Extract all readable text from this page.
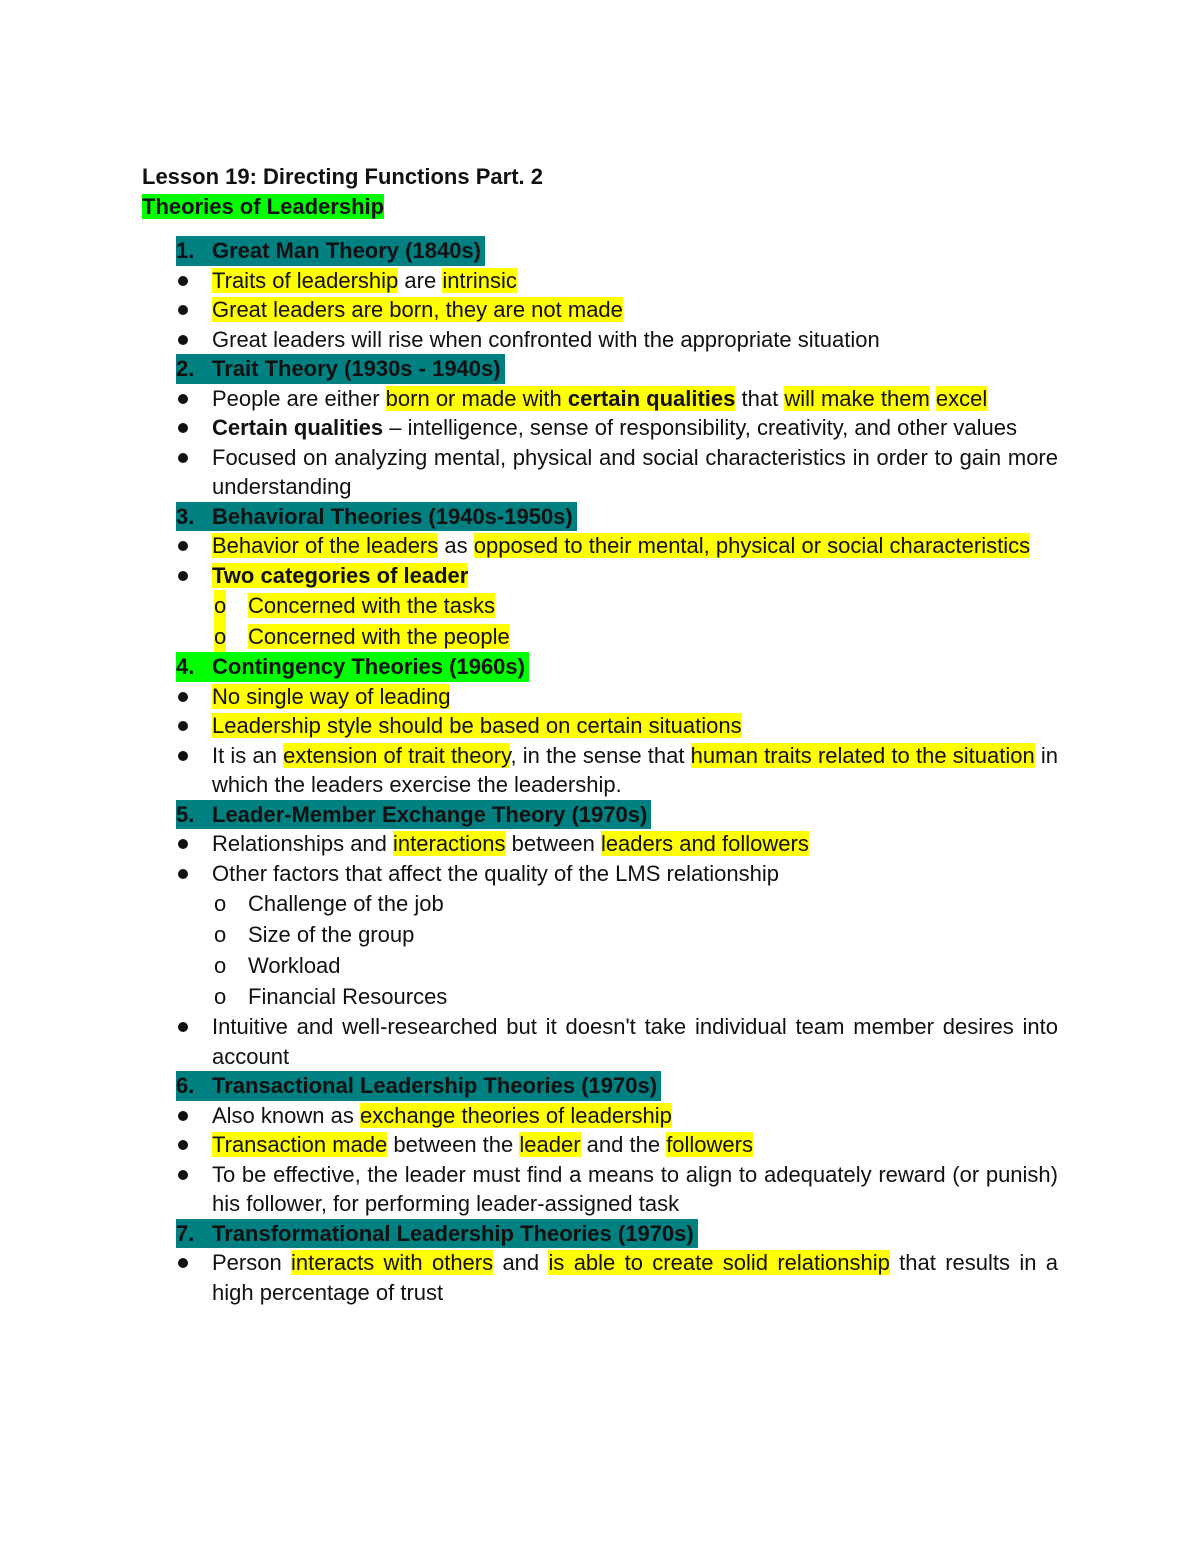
Lesson 19: Directing Functions Part. 2

Theories of Leadership

1. Great Man Theory (1840s)

Traits of leadership are intrinsic

Great leaders are born, they are not made

Great leaders will rise when confronted with the appropriate situation

2. Trait Theory (1930s - 1940s)

People are either born or made with certain qualities that will make them excel

Certain qualities – intelligence, sense of responsibility, creativity, and other values

Focused on analyzing mental, physical and social characteristics in order to gain more understanding

3. Behavioral Theories (1940s-1950s)

Behavior of the leaders as opposed to their mental, physical or social characteristics

Two categories of leader

o Concerned with the tasks

o Concerned with the people

4. Contingency Theories (1960s)

No single way of leading

Leadership style should be based on certain situations

It is an extension of trait theory, in the sense that human traits related to the situation in which the leaders exercise the leadership.

5. Leader-Member Exchange Theory (1970s)

Relationships and interactions between leaders and followers

Other factors that affect the quality of the LMS relationship

o Challenge of the job

o Size of the group

o Workload

o Financial Resources

Intuitive and well-researched but it doesn't take individual team member desires into account

6. Transactional Leadership Theories (1970s)

Also known as exchange theories of leadership

Transaction made between the leader and the followers

To be effective, the leader must find a means to align to adequately reward (or punish) his follower, for performing leader-assigned task

7. Transformational Leadership Theories (1970s)

Person interacts with others and is able to create solid relationship that results in a high percentage of trust
